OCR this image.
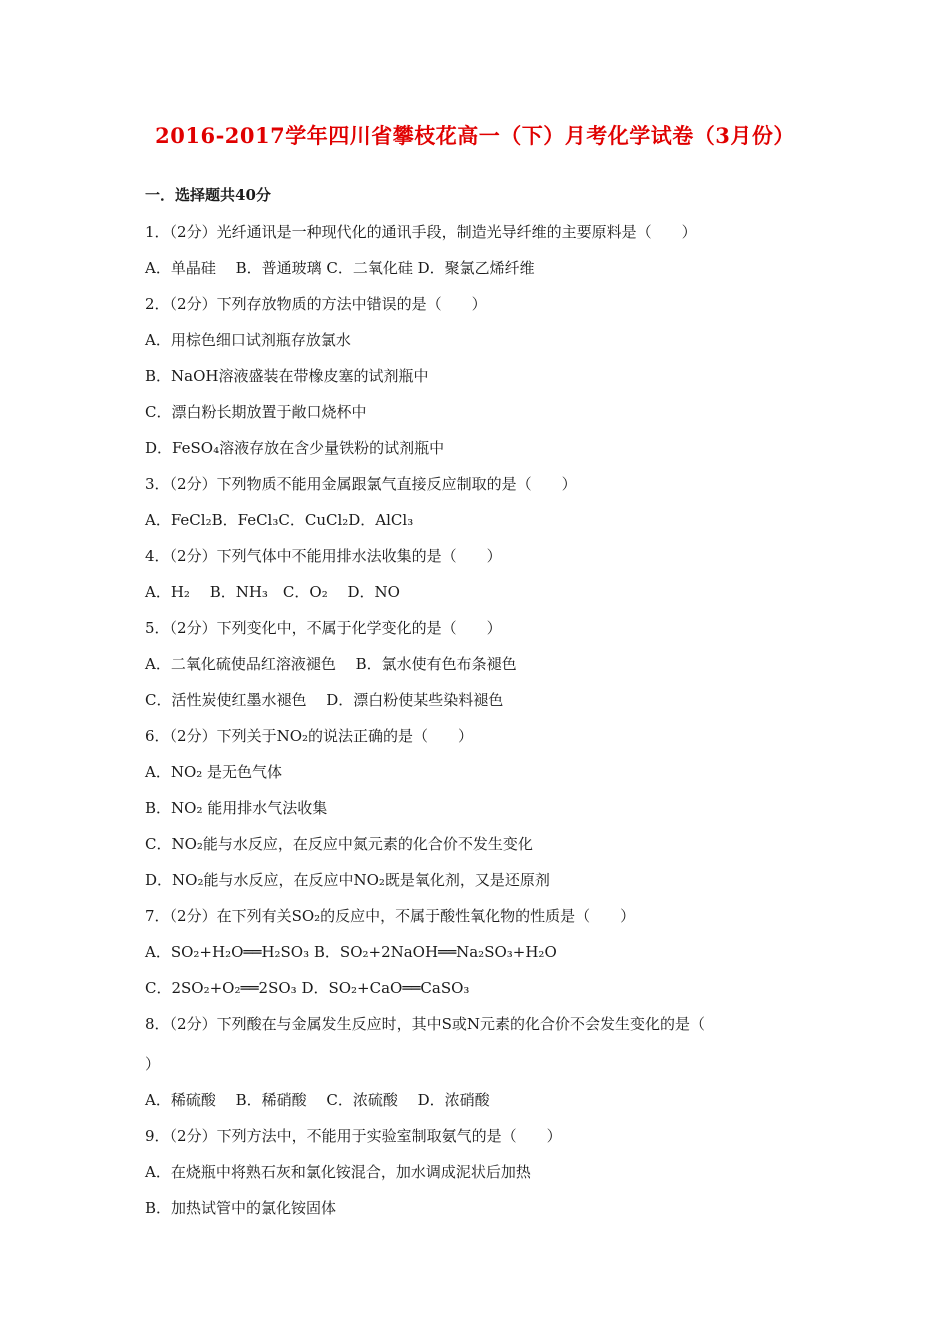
2016-2017学年四川省攀枝花高一（下）月考化学试卷（3月份）
一．选择题共40分
1．（2分）光纤通讯是一种现代化的通讯手段，制造光导纤维的主要原料是（　　）
A．单晶硅　 B．普通玻璃 C．二氧化硅 D．聚氯乙烯纤维
2．（2分）下列存放物质的方法中错误的是（　　）
A．用棕色细口试剂瓶存放氯水
B．NaOH溶液盛装在带橡皮塞的试剂瓶中
C．漂白粉长期放置于敞口烧杯中
D．FeSO₄溶液存放在含少量铁粉的试剂瓶中
3．（2分）下列物质不能用金属跟氯气直接反应制取的是（　　）
A．FeCl₂B．FeCl₃C．CuCl₂D．AlCl₃
4．（2分）下列气体中不能用排水法收集的是（　　）
A．H₂　 B．NH₃　C．O₂　 D．NO
5．（2分）下列变化中，不属于化学变化的是（　　）
A．二氧化硫使品红溶液褪色　 B．氯水使有色布条褪色
C．活性炭使红墨水褪色　 D．漂白粉使某些染料褪色
6．（2分）下列关于NO₂的说法正确的是（　　）
A．NO₂ 是无色气体
B．NO₂ 能用排水气法收集
C．NO₂能与水反应，在反应中氮元素的化合价不发生变化
D．NO₂能与水反应，在反应中NO₂既是氧化剂，又是还原剂
7．（2分）在下列有关SO₂的反应中，不属于酸性氧化物的性质是（　　）
A．SO₂+H₂O══H₂SO₃ B．SO₂+2NaOH══Na₂SO₃+H₂O
C．2SO₂+O₂══2SO₃ D．SO₂+CaO══CaSO₃
8．（2分）下列酸在与金属发生反应时，其中S或N元素的化合价不会发生变化的是（
）
A．稀硫酸　 B．稀硝酸　 C．浓硫酸　 D．浓硝酸
9．（2分）下列方法中，不能用于实验室制取氨气的是（　　）
A．在烧瓶中将熟石灰和氯化铵混合，加水调成泥状后加热
B．加热试管中的氯化铵固体
